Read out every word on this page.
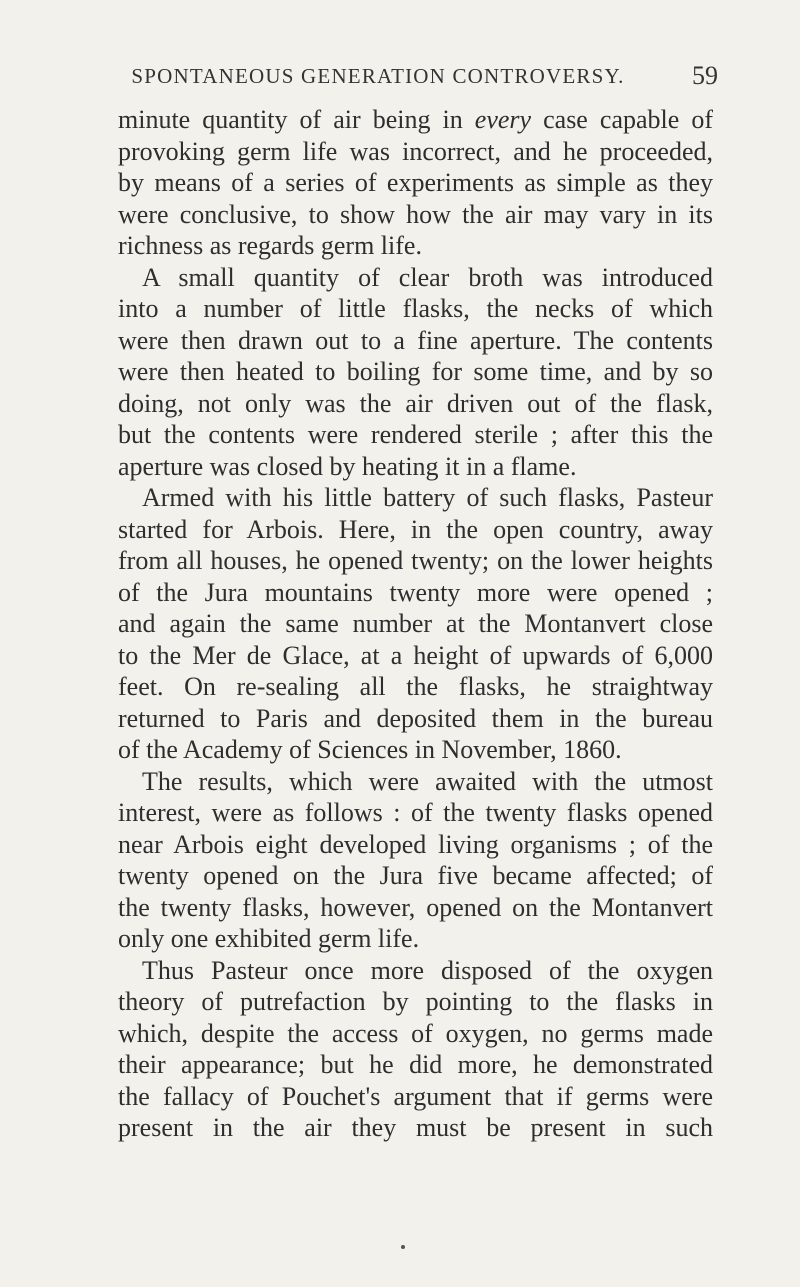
SPONTANEOUS GENERATION CONTROVERSY.	59
minute quantity of air being in every case capable of
provoking germ life was incorrect, and he proceeded,
by means of a series of experiments as simple as they
were conclusive, to show how the air may vary in its
richness as regards germ life.
A small quantity of clear broth was introduced
into a number of little flasks, the necks of which
were then drawn out to a fine aperture. The contents
were then heated to boiling for some time, and by so
doing, not only was the air driven out of the flask,
but the contents were rendered sterile ; after this the
aperture was closed by heating it in a flame.
Armed with his little battery of such flasks, Pasteur
started for Arbois. Here, in the open country, away
from all houses, he opened twenty; on the lower heights
of the Jura mountains twenty more were opened ;
and again the same number at the Montanvert close
to the Mer de Glace, at a height of upwards of 6,000
feet. On re-sealing all the flasks, he straightway
returned to Paris and deposited them in the bureau
of the Academy of Sciences in November, 1860.
The results, which were awaited with the utmost
interest, were as follows : of the twenty flasks opened
near Arbois eight developed living organisms ; of the
twenty opened on the Jura five became affected; of
the twenty flasks, however, opened on the Montanvert
only one exhibited germ life.
Thus Pasteur once more disposed of the oxygen
theory of putrefaction by pointing to the flasks in
which, despite the access of oxygen, no germs made
their appearance; but he did more, he demonstrated
the fallacy of Pouchet's argument that if germs were
present in the air they must be present in such
